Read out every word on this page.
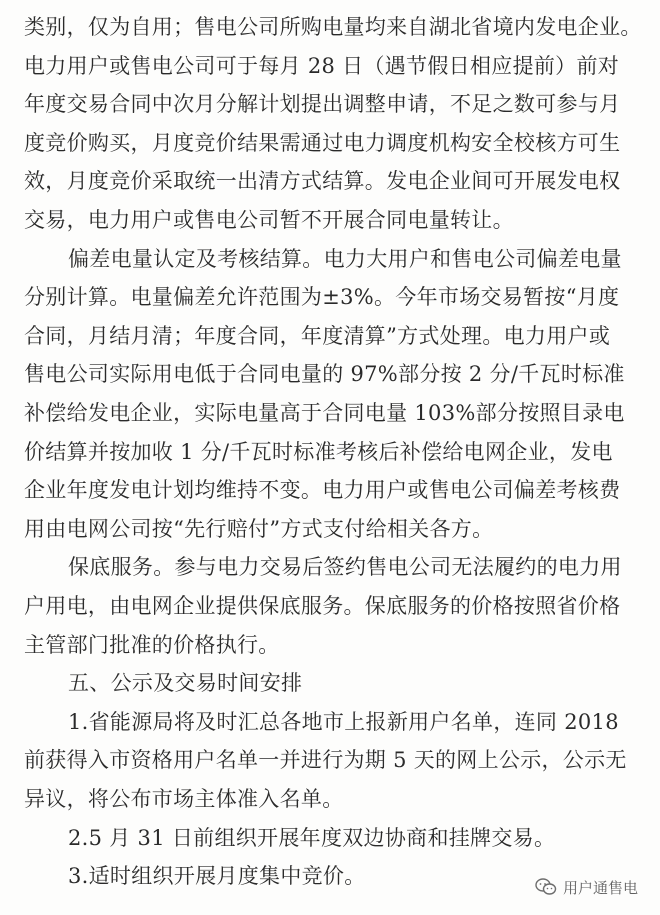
类别，仅为自用；售电公司所购电量均来自湖北省境内发电企业。
电力用户或售电公司可于每月 28 日（遇节假日相应提前）前对
年度交易合同中次月分解计划提出调整申请，不足之数可参与月
度竞价购买，月度竞价结果需通过电力调度机构安全校核方可生
效，月度竞价采取统一出清方式结算。发电企业间可开展发电权
交易，电力用户或售电公司暂不开展合同电量转让。
偏差电量认定及考核结算。电力大用户和售电公司偏差电量
分别计算。电量偏差允许范围为±3%。今年市场交易暂按“月度
合同，月结月清；年度合同，年度清算”方式处理。电力用户或
售电公司实际用电低于合同电量的 97%部分按 2 分/千瓦时标准
补偿给发电企业，实际电量高于合同电量 103%部分按照目录电
价结算并按加收 1 分/千瓦时标准考核后补偿给电网企业，发电
企业年度发电计划均维持不变。电力用户或售电公司偏差考核费
用由电网公司按“先行赔付”方式支付给相关各方。
保底服务。参与电力交易后签约售电公司无法履约的电力用
户用电，由电网企业提供保底服务。保底服务的价格按照省价格
主管部门批准的价格执行。
五、公示及交易时间安排
1.省能源局将及时汇总各地市上报新用户名单，连同 2018
前获得入市资格用户名单一并进行为期 5 天的网上公示，公示无
异议，将公布市场主体准入名单。
2.5 月 31 日前组织开展年度双边协商和挂牌交易。
3.适时组织开展月度集中竞价。	用户通售电
